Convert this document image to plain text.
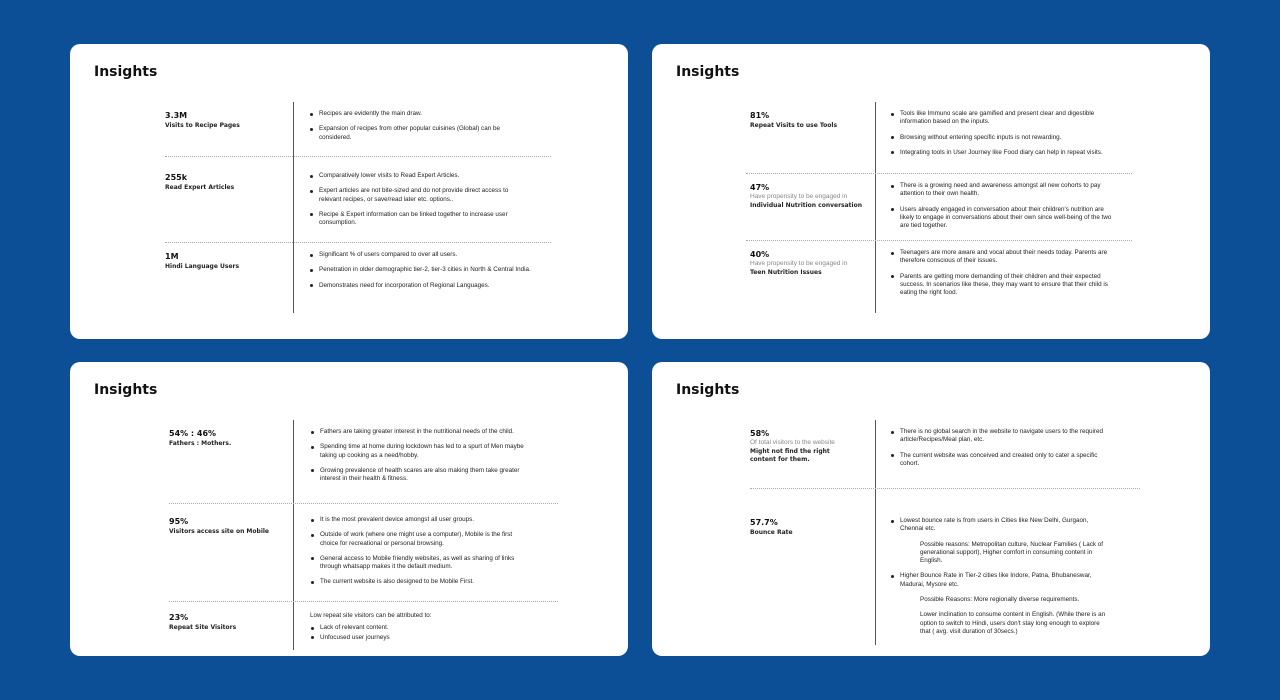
Insights
3.3M
Visits to Recipe Pages
Recipes are evidently the main draw.
Expansion of recipes from other popular cuisines (Global) can be considered.
255k
Read Expert Articles
Comparatively lower visits to Read Expert Articles.
Expert articles are not bite-sized and do not provide direct access to relevant recipes, or save/read later etc. options..
Recipe & Expert information can be linked together to increase user consumption.
1M
Hindi Language Users
Significant % of users compared to over all users.
Penetration in older demographic tier-2, tier-3 cities in North & Central India.
Demonstrates need for incorporation of Regional Languages.
Insights
81%
Repeat Visits to use Tools
Tools like Immuno scale are gamified and present clear and digestible information based on the inputs.
Browsing without entering specific inputs is not rewarding.
Integrating tools in User Journey like Food diary can help in repeat visits.
47%
Have propensity to be engaged in
Individual Nutrition conversation
There is a growing need and awareness amongst all new cohorts to pay attention to their own health.
Users already engaged in conversation about their children's nutrition are likely to engage in conversations about their own since well-being of the two are tied together.
40%
Have propensity to be engaged in
Teen Nutrition Issues
Teenagers are more aware and vocal about their needs today. Parents are therefore conscious of their issues.
Parents are getting more demanding of their children and their expected success. In scenarios like these, they may want to ensure that their child is eating the right food.
Insights
54% : 46%
Fathers : Mothers.
Fathers are taking greater interest in the nutritional needs of the child.
Spending time at home during lockdown has led to a spurt of Men maybe taking up cooking as a need/hobby.
Growing prevalence of health scares are also making them take greater interest in their health & fitness.
95%
Visitors access site on Mobile
It is the most prevalent device amongst all user groups.
Outside of work (where one might use a computer), Mobile is the first choice for recreational or personal browsing.
General access to Mobile friendly websites, as well as sharing of links through whatsapp makes it the default medium.
The current website is also designed to be Mobile First.
23%
Repeat Site Visitors
Low repeat site visitors can be attributed to:
Lack of relevant content.
Unfocused user journeys
Insights
58%
Of total visitors to the website
Might not find the right content for them.
There is no global search in the website to navigate users to the required article/Recipes/Meal plan, etc.
The current website was conceived and created only to cater a specific cohort.
57.7%
Bounce Rate
Lowest bounce rate is from users in Cities like New Delhi, Gurgaon, Chennai etc.
Possible reasons: Metropolitan culture, Nuclear Families ( Lack of generational support), Higher comfort in consuming content in English.
Higher Bounce Rate in Tier-2 cities like Indore, Patna, Bhubaneswar, Madurai, Mysore etc.
Possible Reasons: More regionally diverse requirements.
Lower inclination to consume content in English. (While there is an option to switch to Hindi, users don't stay long enough to explore that ( avg. visit duration of 30secs.)
